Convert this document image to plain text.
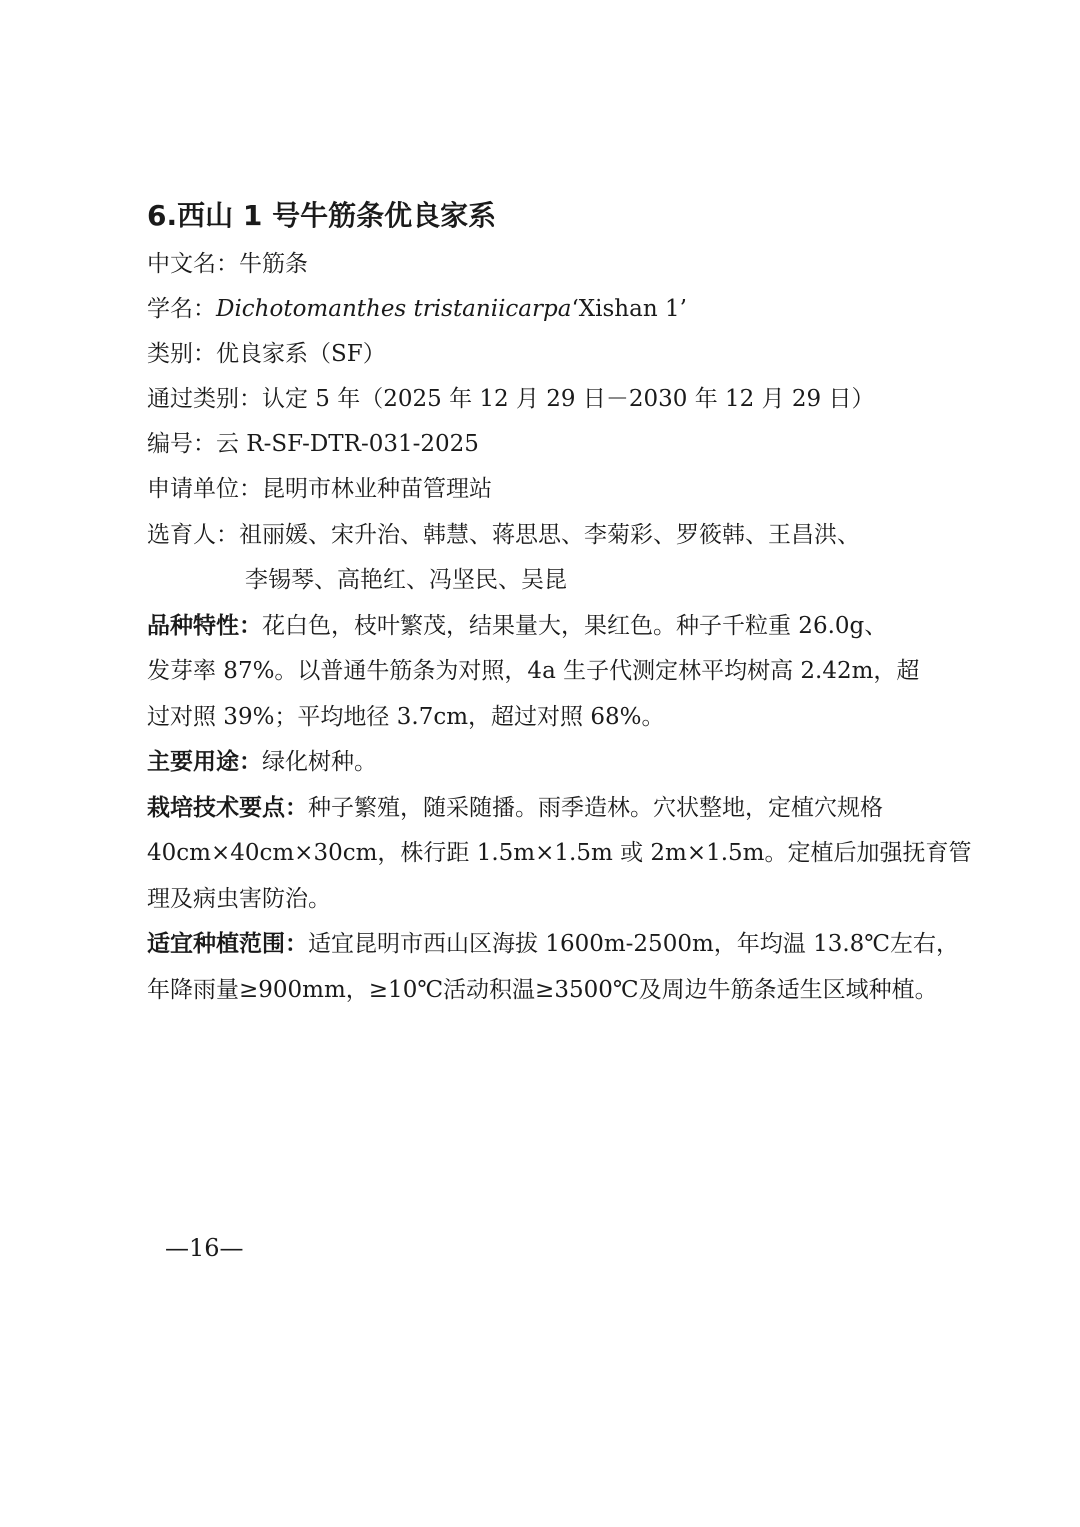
6.西山 1 号牛筋条优良家系
中文名：牛筋条
学名：Dichotomanthes tristaniicarpa‘Xishan 1’
类别：优良家系（SF）
通过类别：认定 5 年（2025 年 12 月 29 日－2030 年 12 月 29 日）
编号：云 R-SF-DTR-031-2025
申请单位：昆明市林业种苗管理站
选育人：祖丽媛、宋升治、韩慧、蒋思思、李菊彩、罗筱韩、王昌洪、
李锡琴、高艳红、冯坚民、吴昆
品种特性：花白色，枝叶繁茂，结果量大，果红色。种子千粒重 26.0g、
发芽率 87%。以普通牛筋条为对照，4a 生子代测定林平均树高 2.42m，超
过对照 39%；平均地径 3.7cm，超过对照 68%。
主要用途：绿化树种。
栽培技术要点：种子繁殖，随采随播。雨季造林。穴状整地，定植穴规格
40cm×40cm×30cm，株行距 1.5m×1.5m 或 2m×1.5m。定植后加强抚育管
理及病虫害防治。
适宜种植范围：适宜昆明市西山区海拔 1600m-2500m，年均温 13.8℃左右，
年降雨量≥900mm，≥10℃活动积温≥3500℃及周边牛筋条适生区域种植。
—16—
